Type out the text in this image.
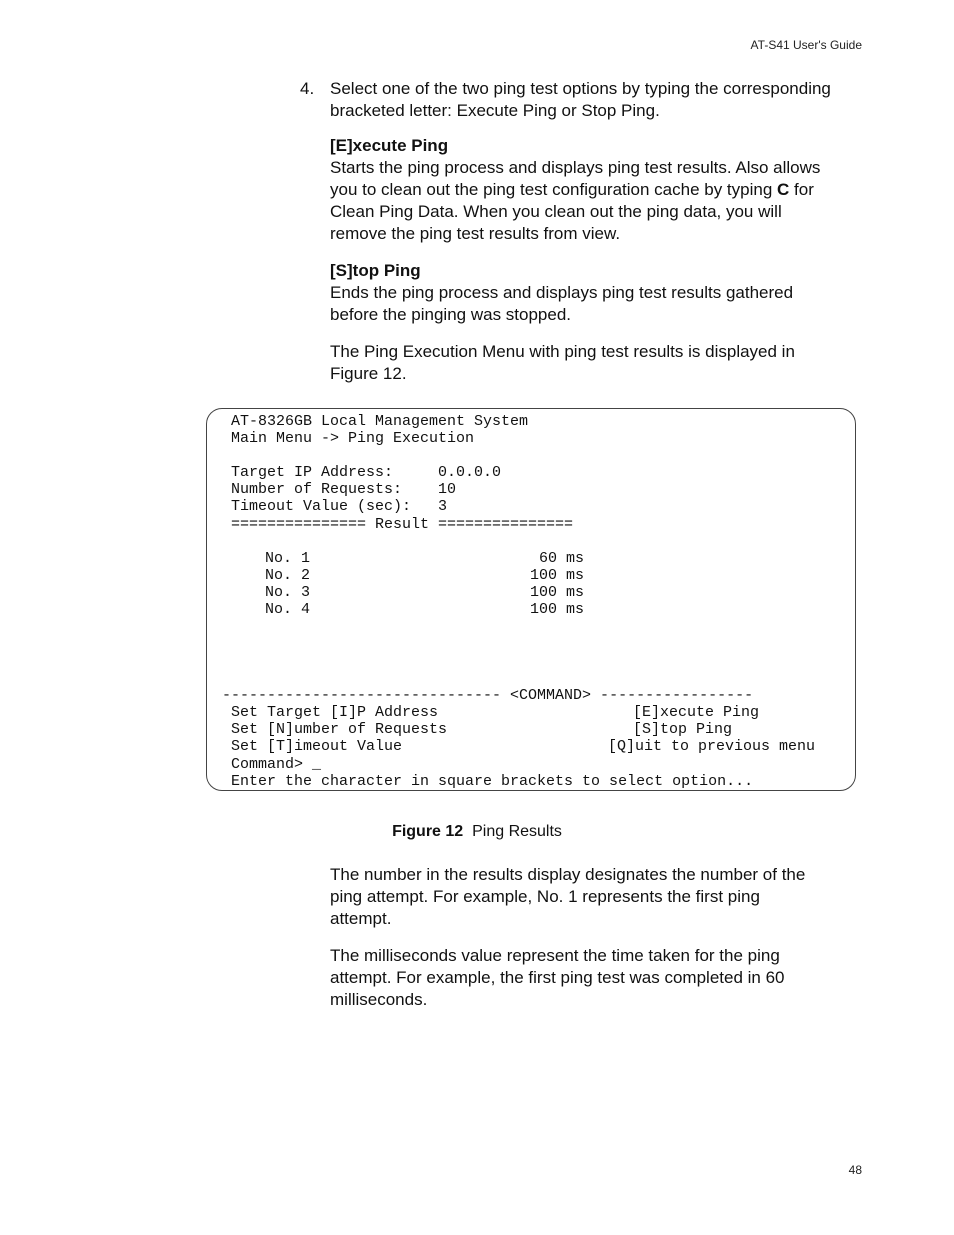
AT-S41 User's Guide
4. Select one of the two ping test options by typing the corresponding
bracketed letter: Execute Ping or Stop Ping.
[E]xecute Ping
Starts the ping process and displays ping test results. Also allows
you to clean out the ping test configuration cache by typing C for
Clean Ping Data. When you clean out the ping data, you will
remove the ping test results from view.
[S]top Ping
Ends the ping process and displays ping test results gathered
before the pinging was stopped.
The Ping Execution Menu with ping test results is displayed in
Figure 12.
AT-8326GB Local Management System
Main Menu -> Ping Execution
Target IP Address:     0.0.0.0
Number of Requests:    10
Timeout Value (sec):   3
=============== Result ===============
No. 1	60 ms
No. 2	100 ms
No. 3	100 ms
No. 4	100 ms
------------------------------- <COMMAND> -----------------
Set Target [I]P Address	[E]xecute Ping
Set [N]umber of Requests	[S]top Ping
Set [T]imeout Value	[Q]uit to previous menu
Command> _
Enter the character in square brackets to select option...
Figure 12 Ping Results
The number in the results display designates the number of the
ping attempt. For example, No. 1 represents the first ping
attempt.
The milliseconds value represent the time taken for the ping
attempt. For example, the first ping test was completed in 60
milliseconds.
48
